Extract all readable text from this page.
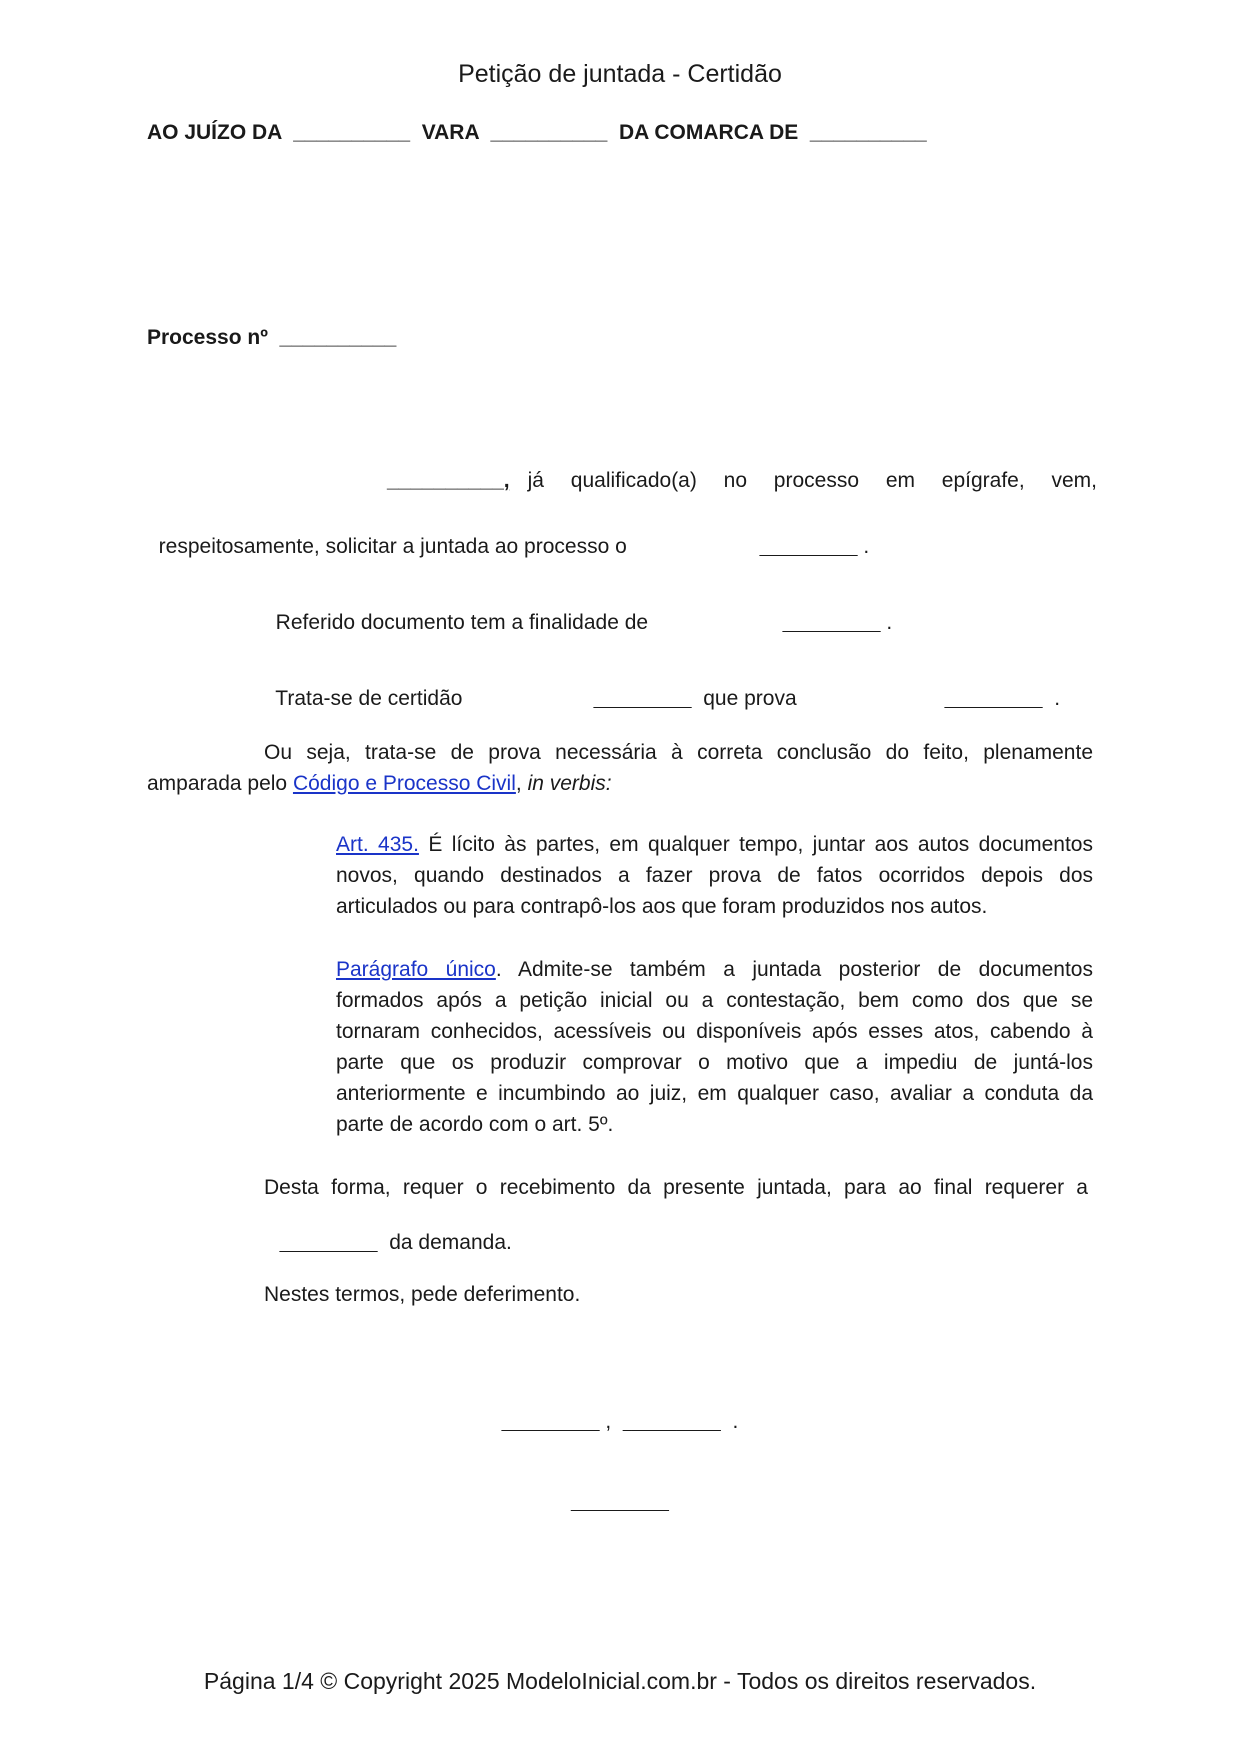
Petição de juntada - Certidão
AO JUÍZO DA  __________  VARA  __________  DA COMARCA DE  __________
Processo nº  __________
__________, já qualificado(a) no processo em epígrafe, vem,

respeitosamente, solicitar a juntada ao processo o	___________ .

Referido documento tem a finalidade de	___________ .

Trata-se de certidão	___________ que prova	___________ .

Ou seja, trata-se de prova necessária à correta conclusão do feito, plenamente amparada pelo Código e Processo Civil, in verbis:
Art. 435. É lícito às partes, em qualquer tempo, juntar aos autos documentos novos, quando destinados a fazer prova de fatos ocorridos depois dos articulados ou para contrapô-los aos que foram produzidos nos autos.
Parágrafo único. Admite-se também a juntada posterior de documentos formados após a petição inicial ou a contestação, bem como dos que se tornaram conhecidos, acessíveis ou disponíveis após esses atos, cabendo à parte que os produzir comprovar o motivo que a impediu de juntá-los anteriormente e incumbindo ao juiz, em qualquer caso, avaliar a conduta da parte de acordo com o art. 5º.
Desta forma, requer o recebimento da presente juntada, para ao final requerer a

___________ da demanda.

Nestes termos, pede deferimento.
___________ , ___________ .
___________
Página 1/4 © Copyright 2025 ModeloInicial.com.br - Todos os direitos reservados.
